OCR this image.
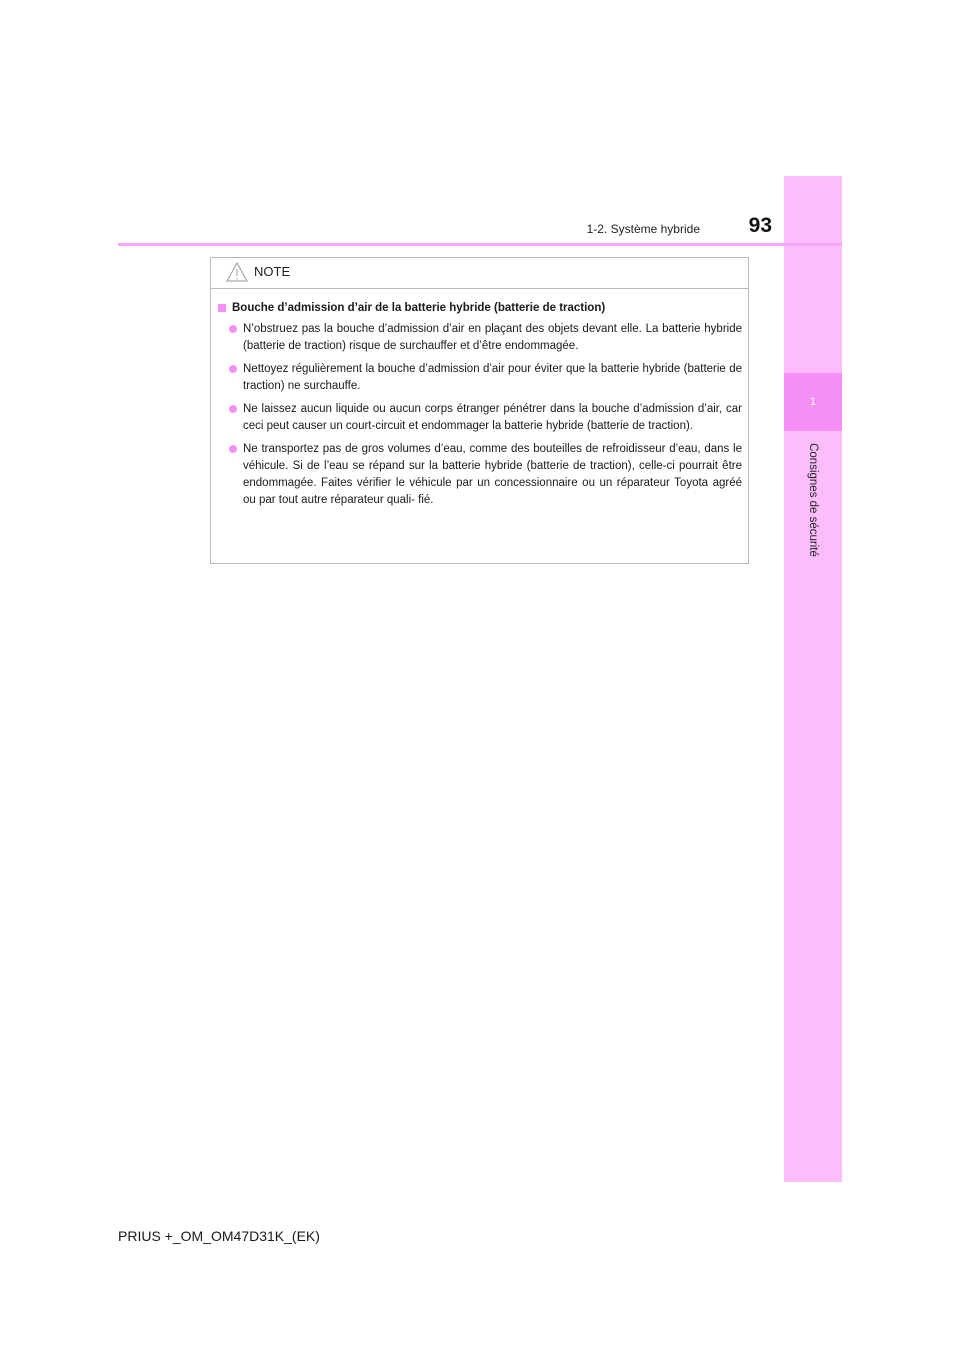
1
Consignes de sécurité
1-2. Système hybride	93
NOTE
Bouche d’admission d’air de la batterie hybride (batterie de traction)
N’obstruez pas la bouche d’admission d’air en plaçant des objets devant elle. La batterie hybride (batterie de traction) risque de surchauffer et d’être endommagée.
Nettoyez régulièrement la bouche d’admission d’air pour éviter que la batterie hybride (batterie de traction) ne surchauffe.
Ne laissez aucun liquide ou aucun corps étranger pénétrer dans la bouche d’admission d’air, car ceci peut causer un court-circuit et endommager la batterie hybride (batterie de traction).
Ne transportez pas de gros volumes d’eau, comme des bouteilles de refroidisseur d’eau, dans le véhicule. Si de l’eau se répand sur la batterie hybride (batterie de traction), celle-ci pourrait être endommagée. Faites vérifier le véhicule par un concessionnaire ou un réparateur Toyota agréé ou par tout autre réparateur quali- fié.
PRIUS +_OM_OM47D31K_(EK)
